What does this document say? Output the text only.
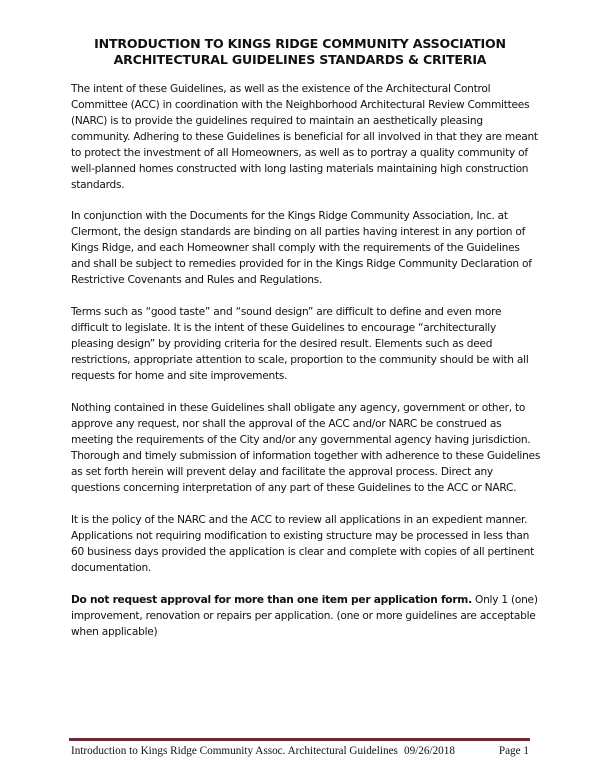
INTRODUCTION TO KINGS RIDGE COMMUNITY ASSOCIATION
ARCHITECTURAL GUIDELINES STANDARDS & CRITERIA

The intent of these Guidelines, as well as the existence of the Architectural Control Committee (ACC) in coordination with the Neighborhood Architectural Review Committees (NARC) is to provide the guidelines required to maintain an aesthetically pleasing community. Adhering to these Guidelines is beneficial for all involved in that they are meant to protect the investment of all Homeowners, as well as to portray a quality community of well-planned homes constructed with long lasting materials maintaining high construction standards.

In conjunction with the Documents for the Kings Ridge Community Association, Inc. at Clermont, the design standards are binding on all parties having interest in any portion of Kings Ridge, and each Homeowner shall comply with the requirements of the Guidelines and shall be subject to remedies provided for in the Kings Ridge Community Declaration of Restrictive Covenants and Rules and Regulations.

Terms such as “good taste” and “sound design” are difficult to define and even more difficult to legislate. It is the intent of these Guidelines to encourage “architecturally pleasing design” by providing criteria for the desired result. Elements such as deed restrictions, appropriate attention to scale, proportion to the community should be with all requests for home and site improvements.

Nothing contained in these Guidelines shall obligate any agency, government or other, to approve any request, nor shall the approval of the ACC and/or NARC be construed as meeting the requirements of the City and/or any governmental agency having jurisdiction. Thorough and timely submission of information together with adherence to these Guidelines as set forth herein will prevent delay and facilitate the approval process. Direct any questions concerning interpretation of any part of these Guidelines to the ACC or NARC.

It is the policy of the NARC and the ACC to review all applications in an expedient manner. Applications not requiring modification to existing structure may be processed in less than 60 business days provided the application is clear and complete with copies of all pertinent documentation.

Do not request approval for more than one item per application form. Only 1 (one) improvement, renovation or repairs per application. (one or more guidelines are acceptable when applicable)

Introduction to Kings Ridge Community Assoc. Architectural Guidelines 09/26/2018	Page 1
